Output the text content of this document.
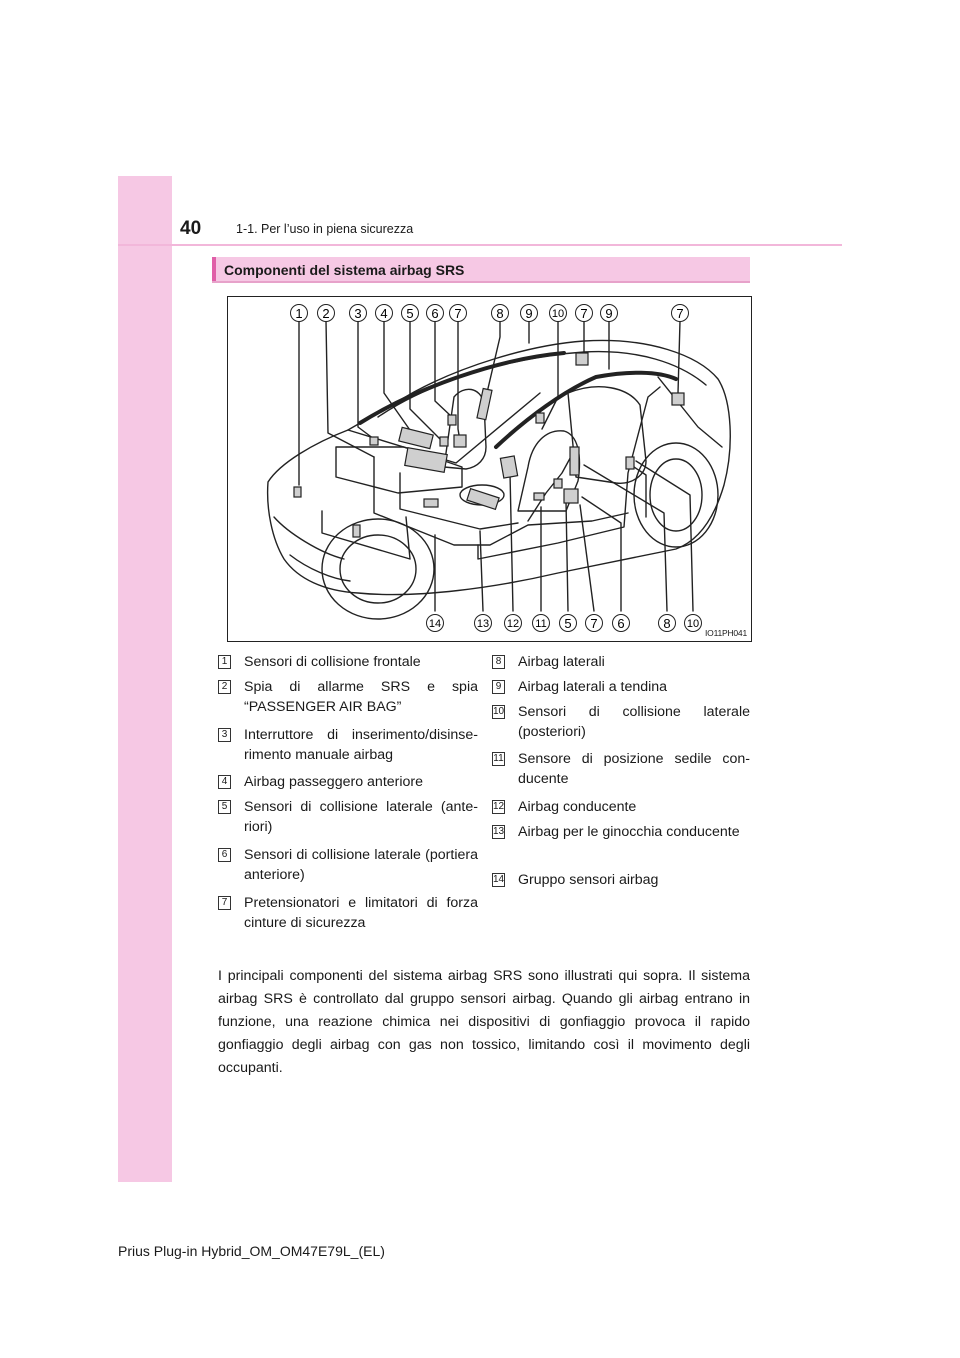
40	1-1. Per l’uso in piena sicurezza
Componenti del sistema airbag SRS
1 2 3 4 5 6 7	8 9 10 7 9	7
14	13 12 11 5 7 6	8 10
IO11PH041
1 Sensori di collisione frontale
2 Spia di allarme SRS e spia “PASSENGER AIR BAG”
3 Interruttore di inserimento/disinserimento manuale airbag
4 Airbag passeggero anteriore
5 Sensori di collisione laterale (anteriori)
6 Sensori di collisione laterale (portiera anteriore)
7 Pretensionatori e limitatori di forza cinture di sicurezza
8 Airbag laterali
9 Airbag laterali a tendina
10 Sensori di collisione laterale (posteriori)
11 Sensore di posizione sedile conducente
12 Airbag conducente
13 Airbag per le ginocchia conducente
14 Gruppo sensori airbag

I principali componenti del sistema airbag SRS sono illustrati qui sopra. Il sistema airbag SRS è controllato dal gruppo sensori airbag. Quando gli airbag entrano in funzione, una reazione chimica nei dispositivi di gonfiaggio provoca il rapido gonfiaggio degli airbag con gas non tossico, limitando così il movimento degli occupanti.

Prius Plug-in Hybrid_OM_OM47E79L_(EL)
